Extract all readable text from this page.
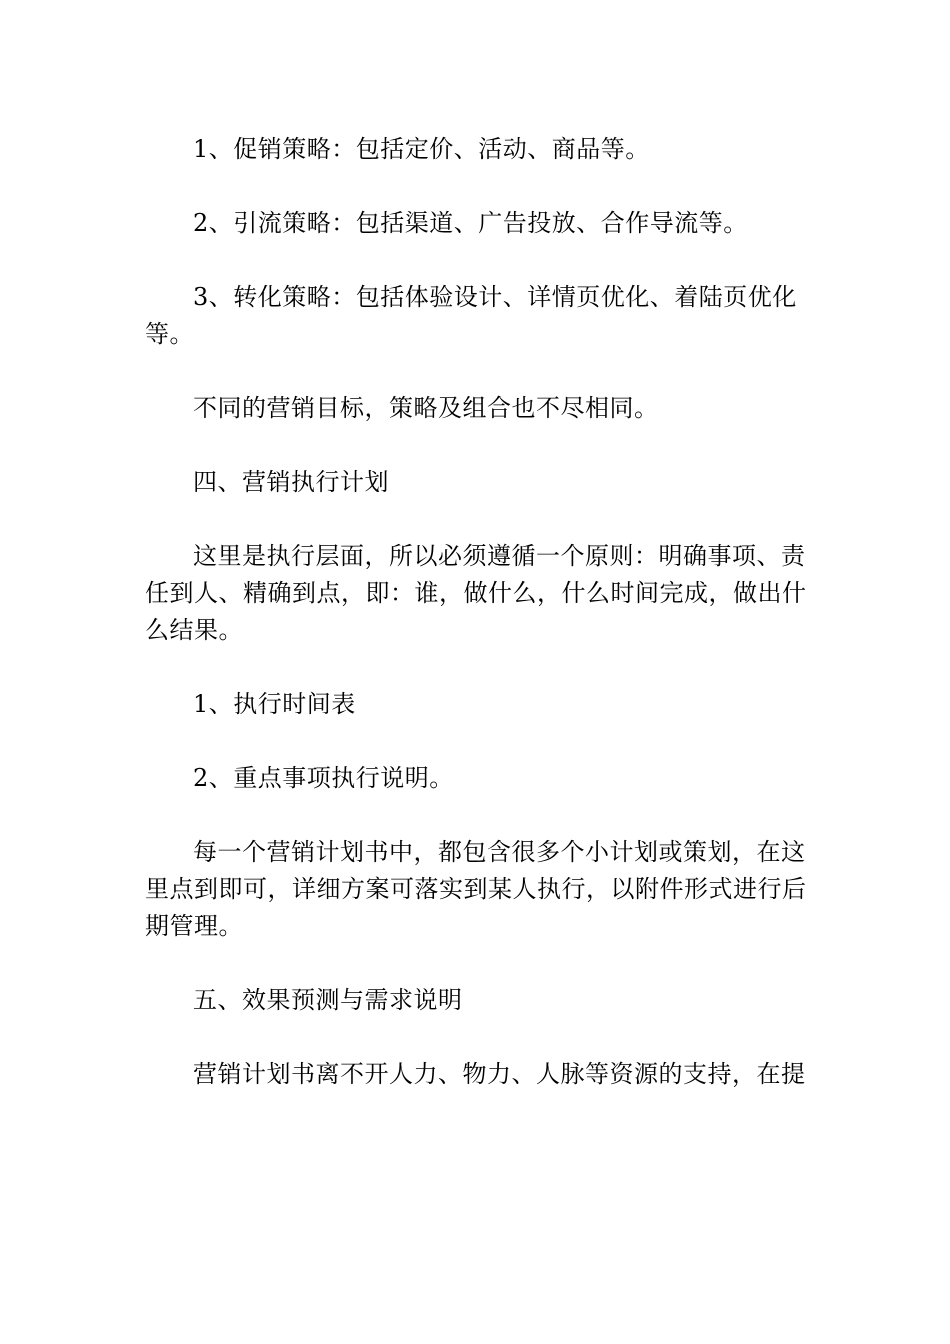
1、促销策略：包括定价、活动、商品等。

2、引流策略：包括渠道、广告投放、合作导流等。

3、转化策略：包括体验设计、详情页优化、着陆页优化等。

不同的营销目标，策略及组合也不尽相同。

四、营销执行计划

这里是执行层面，所以必须遵循一个原则：明确事项、责任到人、精确到点，即：谁，做什么，什么时间完成，做出什么结果。

1、执行时间表

2、重点事项执行说明。

每一个营销计划书中，都包含很多个小计划或策划，在这里点到即可，详细方案可落实到某人执行，以附件形式进行后期管理。

五、效果预测与需求说明

营销计划书离不开人力、物力、人脉等资源的支持，在提
